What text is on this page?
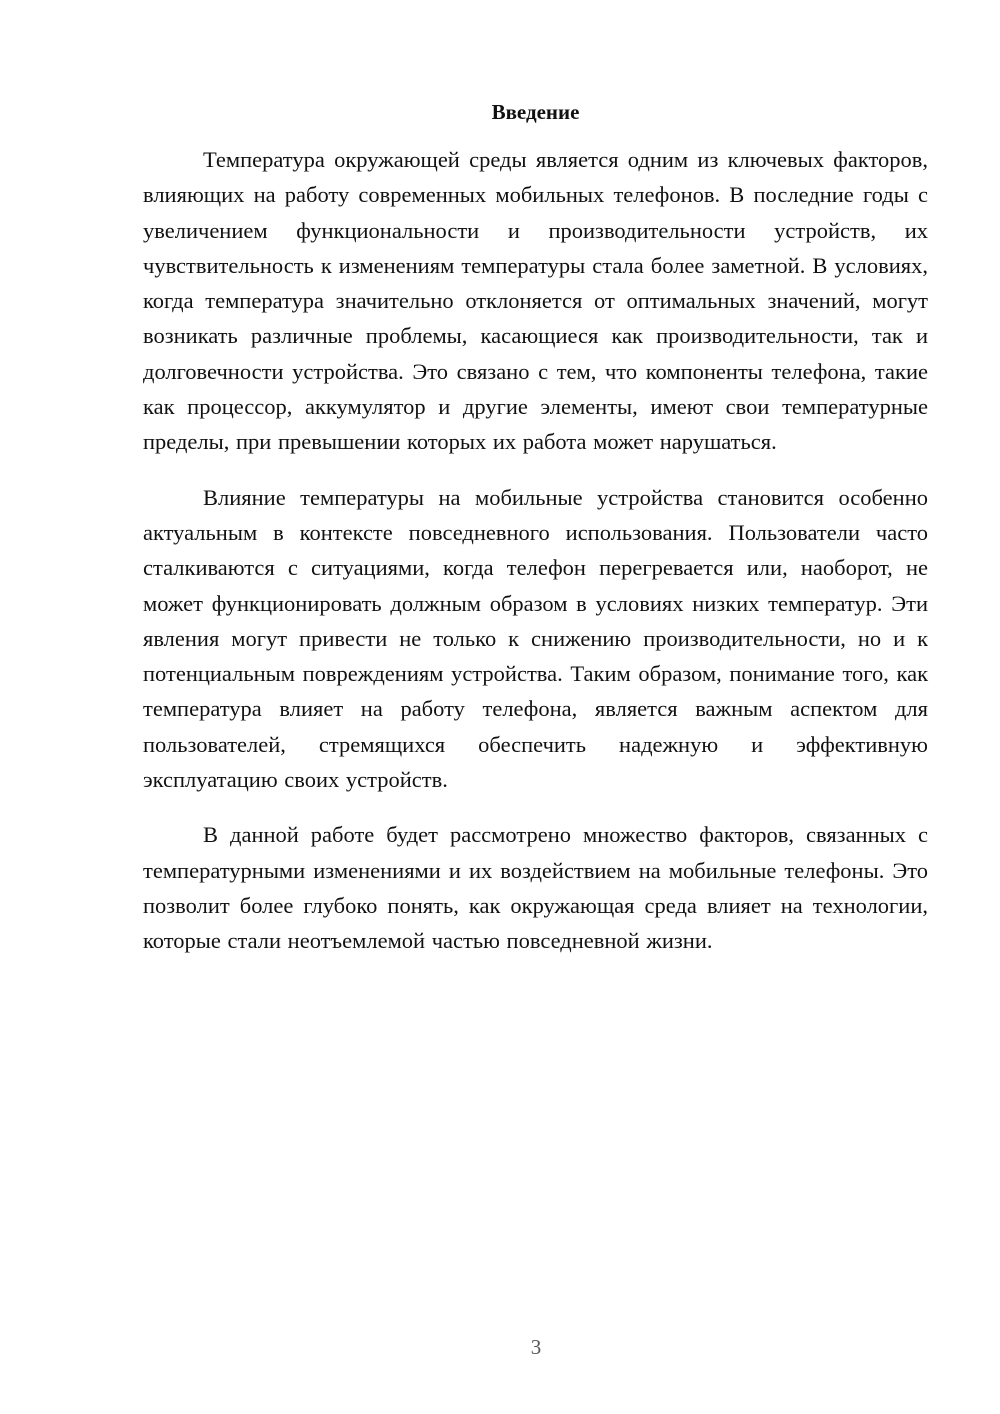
Введение

Температура окружающей среды является одним из ключевых факторов, влияющих на работу современных мобильных телефонов. В последние годы с увеличением функциональности и производительности устройств, их чувствительность к изменениям температуры стала более заметной. В условиях, когда температура значительно отклоняется от оптимальных значений, могут возникать различные проблемы, касающиеся как производительности, так и долговечности устройства. Это связано с тем, что компоненты телефона, такие как процессор, аккумулятор и другие элементы, имеют свои температурные пределы, при превышении которых их работа может нарушаться.

Влияние температуры на мобильные устройства становится особенно актуальным в контексте повседневного использования. Пользователи часто сталкиваются с ситуациями, когда телефон перегревается или, наоборот, не может функционировать должным образом в условиях низких температур. Эти явления могут привести не только к снижению производительности, но и к потенциальным повреждениям устройства. Таким образом, понимание того, как температура влияет на работу телефона, является важным аспектом для пользователей, стремящихся обеспечить надежную и эффективную эксплуатацию своих устройств.

В данной работе будет рассмотрено множество факторов, связанных с температурными изменениями и их воздействием на мобильные телефоны. Это позволит более глубоко понять, как окружающая среда влияет на технологии, которые стали неотъемлемой частью повседневной жизни.

3
